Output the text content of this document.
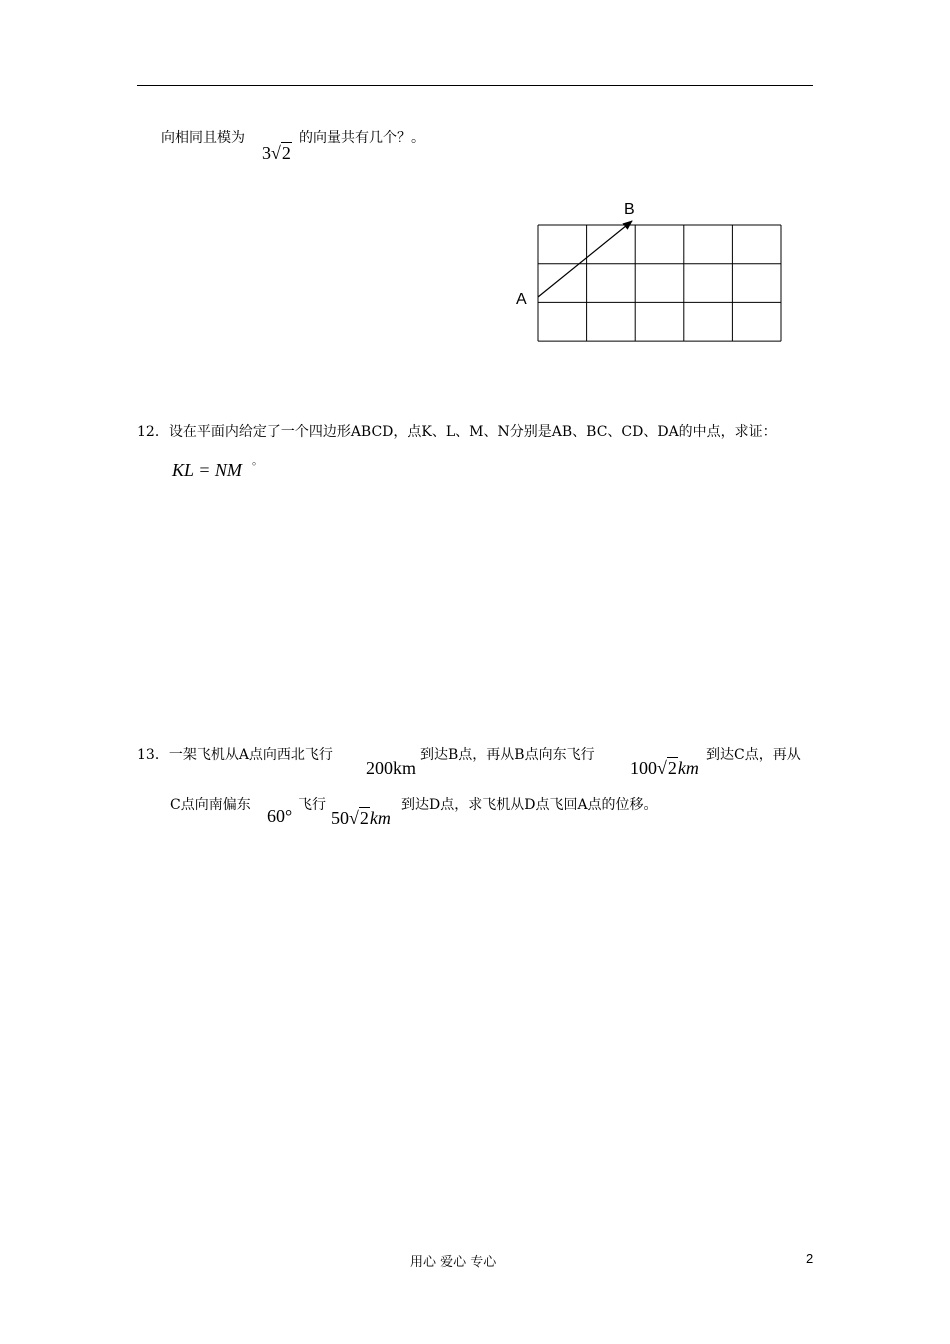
向相同且模为
3√2
的向量共有几个？。
A
B
12．设在平面内给定了一个四边形ABCD，点K、L、M、N分别是AB、BC、CD、DA的中点，求证：
KL = NM 。
13．一架飞机从A点向西北飞行
200km
到达B点，再从B点向东飞行
100√2km
到达C点，再从
C点向南偏东
60°
飞行
50√2km
到达D点，求飞机从D点飞回A点的位移。
用心 爱心 专心	2
